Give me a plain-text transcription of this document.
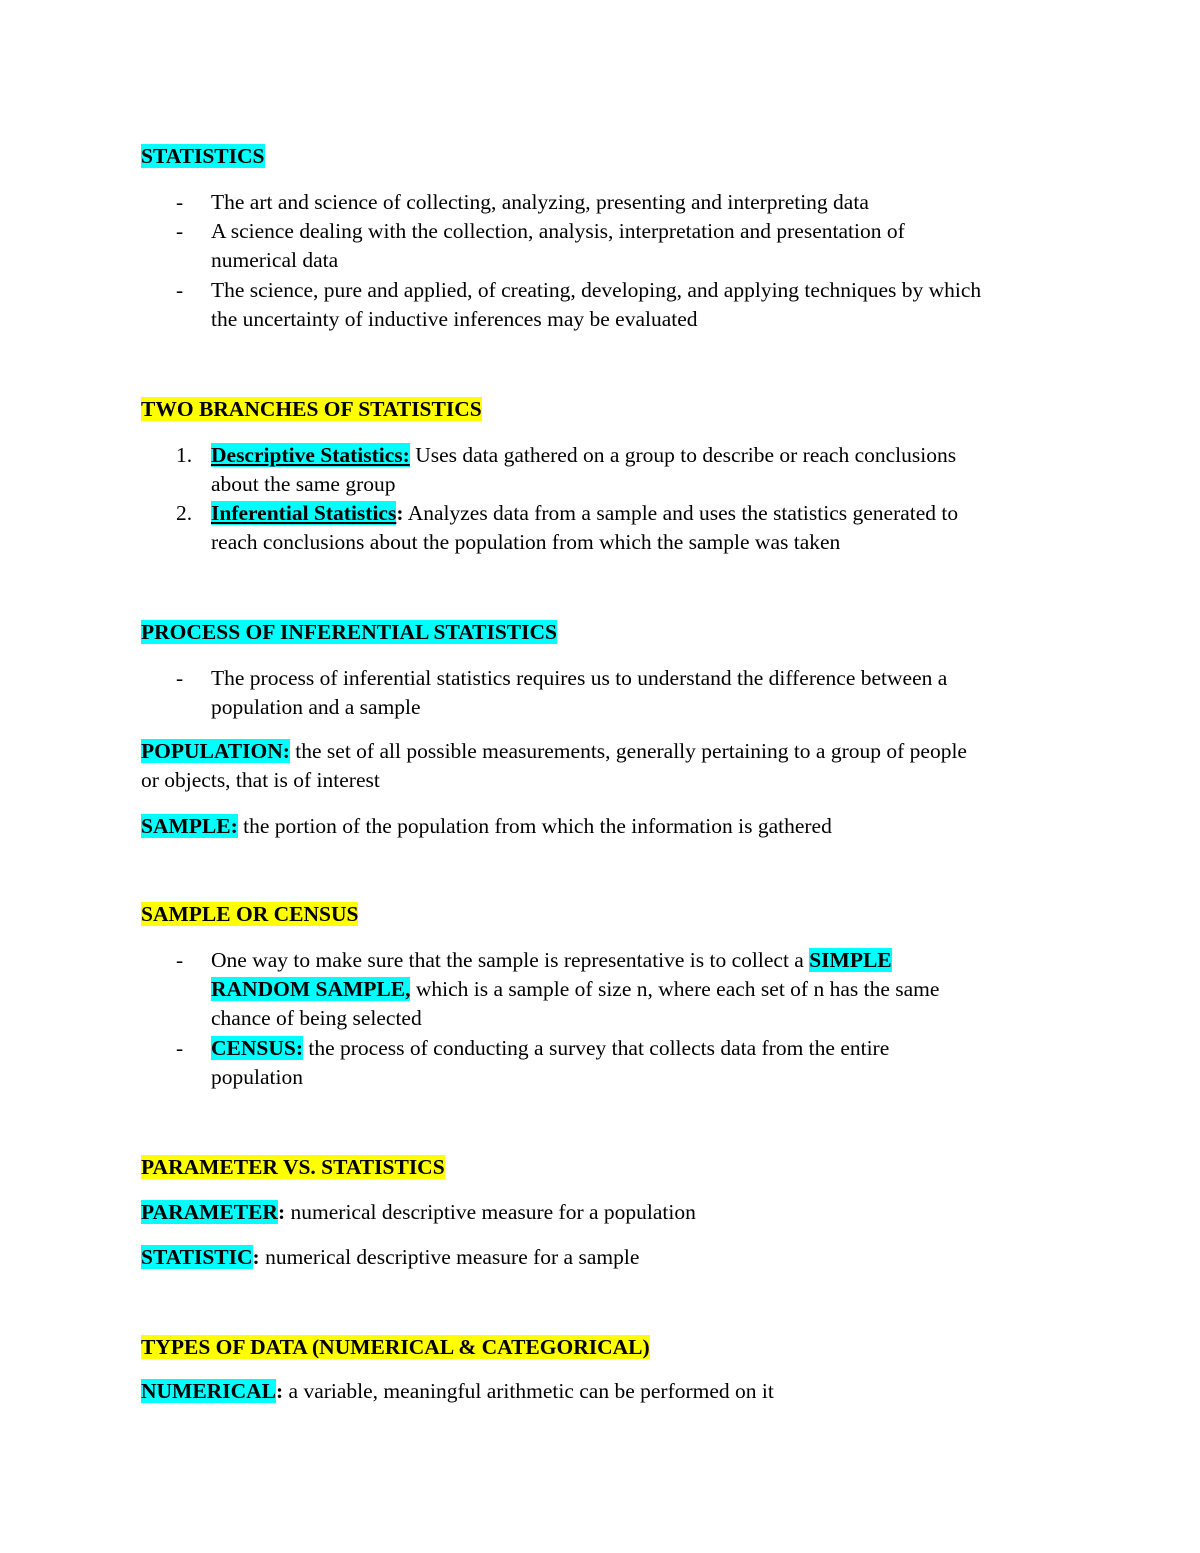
STATISTICS
- The art and science of collecting, analyzing, presenting and interpreting data
- A science dealing with the collection, analysis, interpretation and presentation of
numerical data
- The science, pure and applied, of creating, developing, and applying techniques by which
the uncertainty of inductive inferences may be evaluated
TWO BRANCHES OF STATISTICS
1. Descriptive Statistics: Uses data gathered on a group to describe or reach conclusions
about the same group
2. Inferential Statistics: Analyzes data from a sample and uses the statistics generated to
reach conclusions about the population from which the sample was taken
PROCESS OF INFERENTIAL STATISTICS
- The process of inferential statistics requires us to understand the difference between a
population and a sample
POPULATION: the set of all possible measurements, generally pertaining to a group of people
or objects, that is of interest
SAMPLE: the portion of the population from which the information is gathered
SAMPLE OR CENSUS
- One way to make sure that the sample is representative is to collect a SIMPLE
RANDOM SAMPLE, which is a sample of size n, where each set of n has the same
chance of being selected
- CENSUS: the process of conducting a survey that collects data from the entire
population
PARAMETER VS. STATISTICS
PARAMETER: numerical descriptive measure for a population
STATISTIC: numerical descriptive measure for a sample
TYPES OF DATA (NUMERICAL & CATEGORICAL)
NUMERICAL: a variable, meaningful arithmetic can be performed on it
